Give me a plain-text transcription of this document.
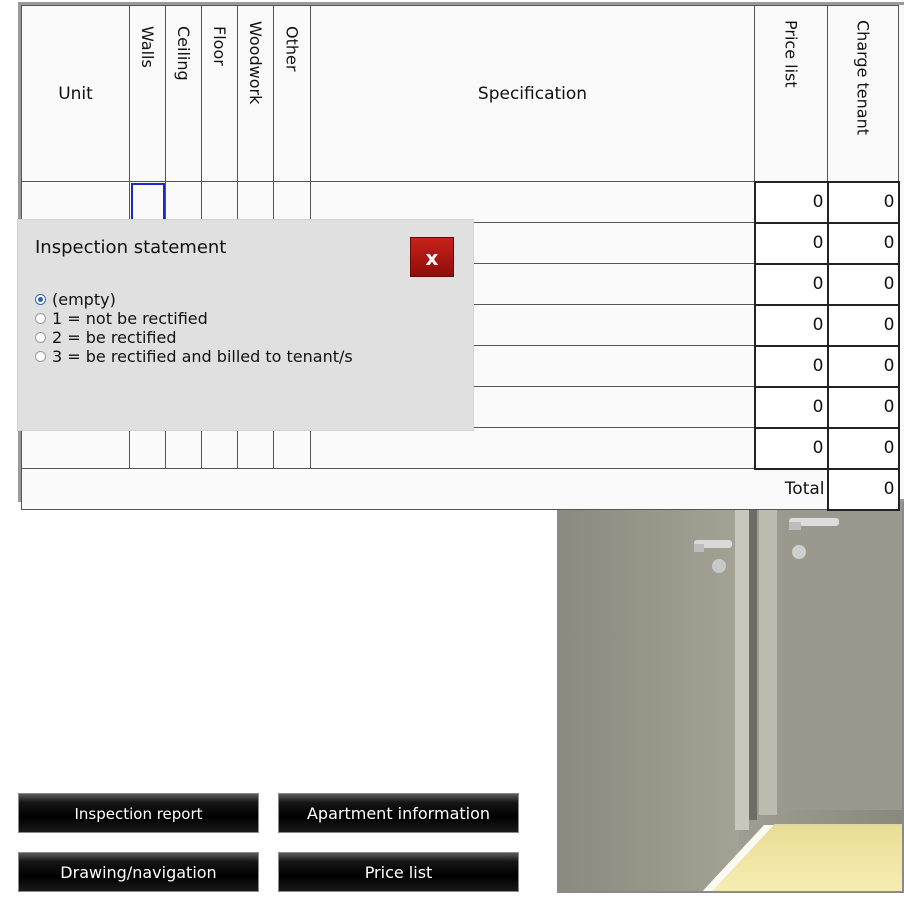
Unit	Walls	Ceiling	Floor	Woodwork	Other	Specification	Price list	Charge tenant

							0	0
							0	0
							0	0
							0	0
							0	0
							0	0
							0	0
Total								0
Inspection statement	x
(empty)
1 = not be rectified
2 = be rectified
3 = be rectified and billed to tenant/s
Inspection report	Apartment information
Drawing/navigation	Price list
